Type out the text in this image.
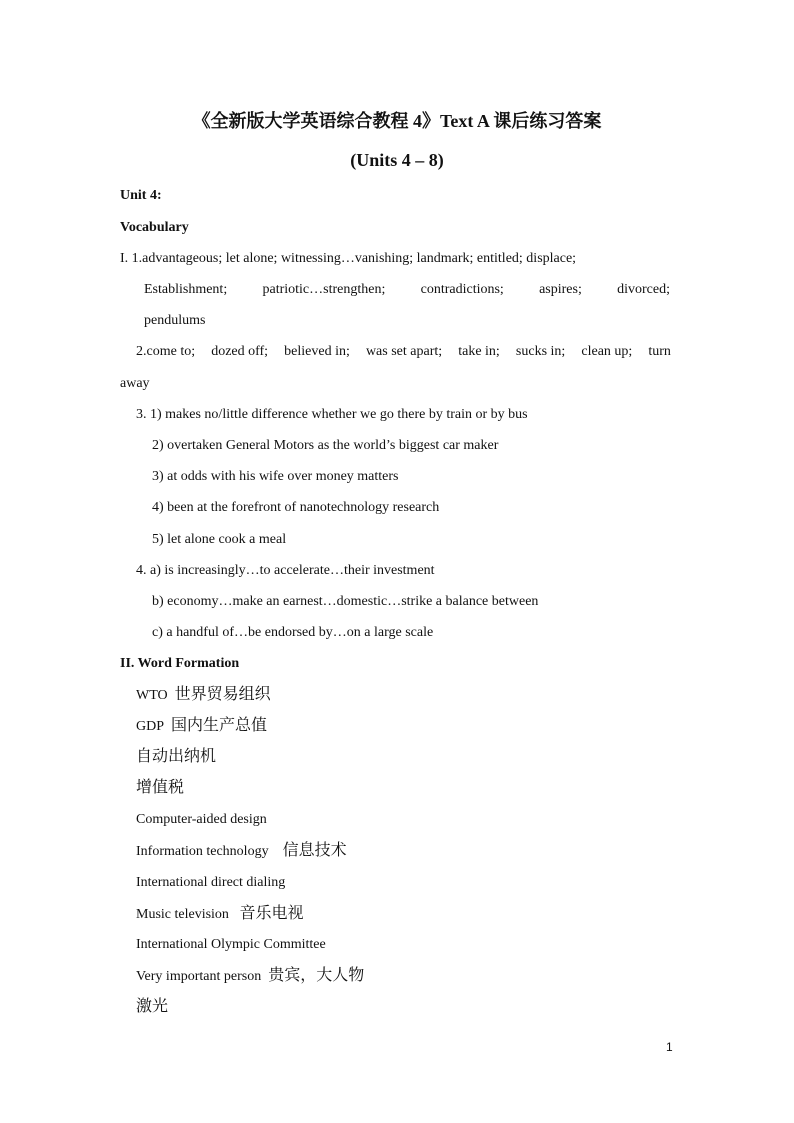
《全新版大学英语综合教程 4》Text A 课后练习答案
(Units 4 – 8)
Unit 4:
Vocabulary
I. 1.advantageous; let alone; witnessing…vanishing; landmark; entitled; displace;
Establishment;	patriotic…strengthen;	contradictions;	aspires;	divorced;
pendulums
2.come to; dozed off; believed in; was set apart; take in; sucks in; clean up; turn
away
3. 1) makes no/little difference whether we go there by train or by bus
2) overtaken General Motors as the world’s biggest car maker
3) at odds with his wife over money matters
4) been at the forefront of nanotechnology research
5) let alone cook a meal
4. a) is increasingly…to accelerate…their investment
b) economy…make an earnest…domestic…strike a balance between
c) a handful of…be endorsed by…on a large scale
II. Word Formation
WTO 世界贸易组织
GDP 国内生产总值
自动出纳机
增值税
Computer-aided design
Information technology 信息技术
International direct dialing
Music television 音乐电视
International Olympic Committee
Very important person 贵宾，大人物
激光
1
